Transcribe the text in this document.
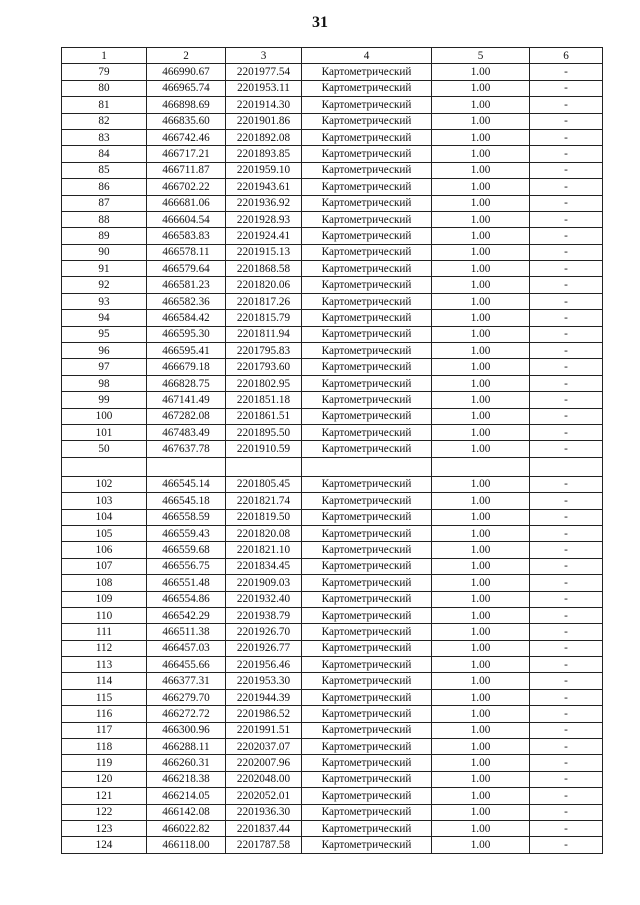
31
1	2	3	4	5	6
79	466990.67	2201977.54	Картометрический	1.00	-
80	466965.74	2201953.11	Картометрический	1.00	-
81	466898.69	2201914.30	Картометрический	1.00	-
82	466835.60	2201901.86	Картометрический	1.00	-
83	466742.46	2201892.08	Картометрический	1.00	-
84	466717.21	2201893.85	Картометрический	1.00	-
85	466711.87	2201959.10	Картометрический	1.00	-
86	466702.22	2201943.61	Картометрический	1.00	-
87	466681.06	2201936.92	Картометрический	1.00	-
88	466604.54	2201928.93	Картометрический	1.00	-
89	466583.83	2201924.41	Картометрический	1.00	-
90	466578.11	2201915.13	Картометрический	1.00	-
91	466579.64	2201868.58	Картометрический	1.00	-
92	466581.23	2201820.06	Картометрический	1.00	-
93	466582.36	2201817.26	Картометрический	1.00	-
94	466584.42	2201815.79	Картометрический	1.00	-
95	466595.30	2201811.94	Картометрический	1.00	-
96	466595.41	2201795.83	Картометрический	1.00	-
97	466679.18	2201793.60	Картометрический	1.00	-
98	466828.75	2201802.95	Картометрический	1.00	-
99	467141.49	2201851.18	Картометрический	1.00	-
100	467282.08	2201861.51	Картометрический	1.00	-
101	467483.49	2201895.50	Картометрический	1.00	-
50	467637.78	2201910.59	Картометрический	1.00	-

102	466545.14	2201805.45	Картометрический	1.00	-
103	466545.18	2201821.74	Картометрический	1.00	-
104	466558.59	2201819.50	Картометрический	1.00	-
105	466559.43	2201820.08	Картометрический	1.00	-
106	466559.68	2201821.10	Картометрический	1.00	-
107	466556.75	2201834.45	Картометрический	1.00	-
108	466551.48	2201909.03	Картометрический	1.00	-
109	466554.86	2201932.40	Картометрический	1.00	-
110	466542.29	2201938.79	Картометрический	1.00	-
111	466511.38	2201926.70	Картометрический	1.00	-
112	466457.03	2201926.77	Картометрический	1.00	-
113	466455.66	2201956.46	Картометрический	1.00	-
114	466377.31	2201953.30	Картометрический	1.00	-
115	466279.70	2201944.39	Картометрический	1.00	-
116	466272.72	2201986.52	Картометрический	1.00	-
117	466300.96	2201991.51	Картометрический	1.00	-
118	466288.11	2202037.07	Картометрический	1.00	-
119	466260.31	2202007.96	Картометрический	1.00	-
120	466218.38	2202048.00	Картометрический	1.00	-
121	466214.05	2202052.01	Картометрический	1.00	-
122	466142.08	2201936.30	Картометрический	1.00	-
123	466022.82	2201837.44	Картометрический	1.00	-
124	466118.00	2201787.58	Картометрический	1.00	-
